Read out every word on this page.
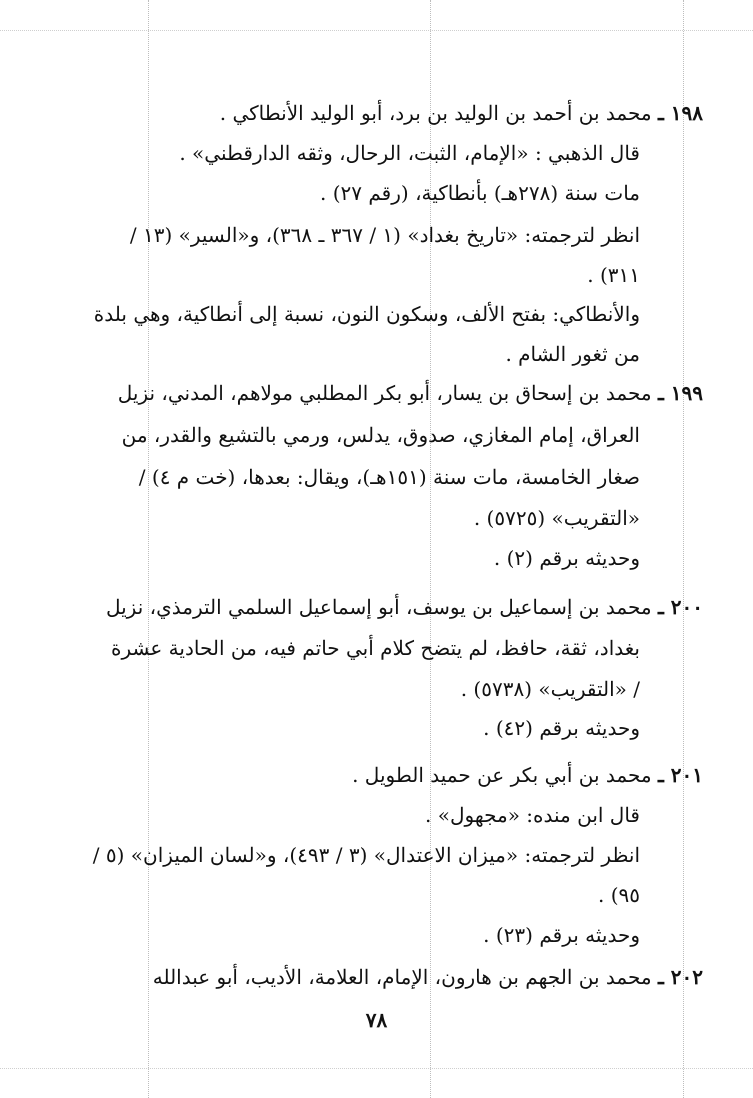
١٩٨ ـ محمد بن أحمد بن الوليد بن برد، أبو الوليد الأنطاكي .
قال الذهبي : «الإمام، الثبت، الرحال، وثقه الدارقطني» .
مات سنة (٢٧٨هـ) بأنطاكية، (رقم ٢٧) .
انظر لترجمته: «تاريخ بغداد» (١ / ٣٦٧ ـ ٣٦٨)، و«السير» (١٣ /
٣١١) .
والأنطاكي: بفتح الألف، وسكون النون، نسبة إلى أنطاكية، وهي بلدة
من ثغور الشام .
١٩٩ ـ محمد بن إسحاق بن يسار، أبو بكر المطلبي مولاهم، المدني، نزيل
العراق، إمام المغازي، صدوق، يدلس، ورمي بالتشيع والقدر، من
صغار الخامسة، مات سنة (١٥١هـ)، ويقال: بعدها، (خت م ٤) /
«التقريب» (٥٧٢٥) .
وحديثه برقم (٢) .
٢٠٠ ـ محمد بن إسماعيل بن يوسف، أبو إسماعيل السلمي الترمذي، نزيل
بغداد، ثقة، حافظ، لم يتضح كلام أبي حاتم فيه، من الحادية عشرة
/ «التقريب» (٥٧٣٨) .
وحديثه برقم (٤٢) .
٢٠١ ـ محمد بن أبي بكر عن حميد الطويل .
قال ابن منده: «مجهول» .
انظر لترجمته: «ميزان الاعتدال» (٣ / ٤٩٣)، و«لسان الميزان» (٥ /
٩٥) .
وحديثه برقم (٢٣) .
٢٠٢ ـ محمد بن الجهم بن هارون، الإمام، العلامة، الأديب، أبو عبدالله
٧٨
